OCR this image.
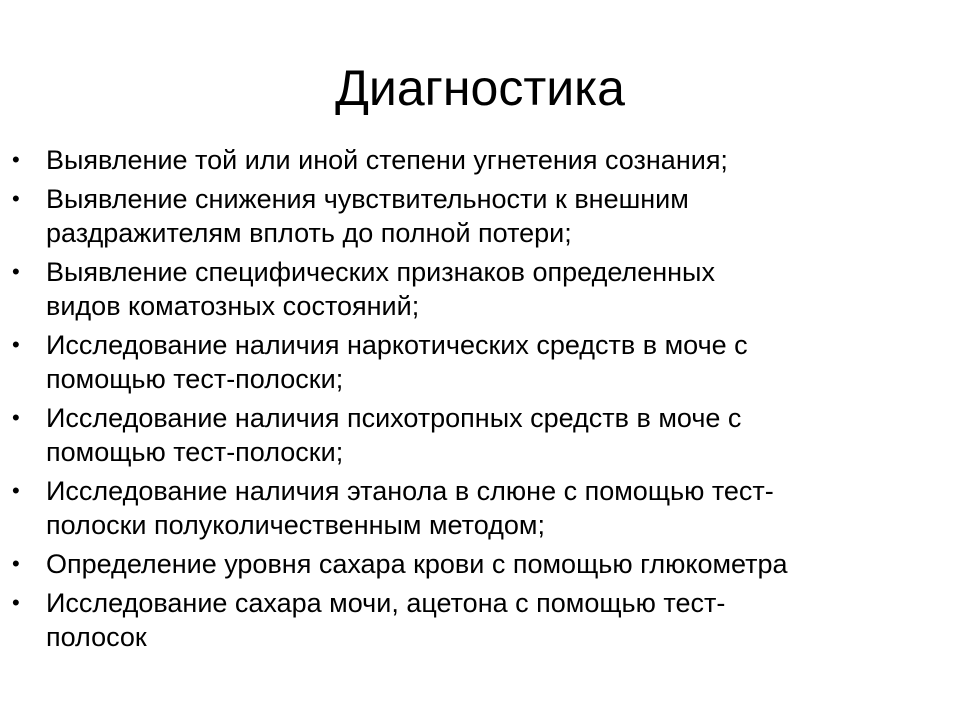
Диагностика
• Выявление той или иной степени угнетения сознания;
• Выявление снижения чувствительности к внешним
раздражителям вплоть до полной потери;
• Выявление специфических признаков определенных
видов коматозных состояний;
• Исследование наличия наркотических средств в моче с
помощью тест-полоски;
• Исследование наличия психотропных средств в моче с
помощью тест-полоски;
• Исследование наличия этанола в слюне с помощью тест-
полоски полуколичественным методом;
• Определение уровня сахара крови с помощью глюкометра
• Исследование сахара мочи, ацетона с помощью тест-
полосок
